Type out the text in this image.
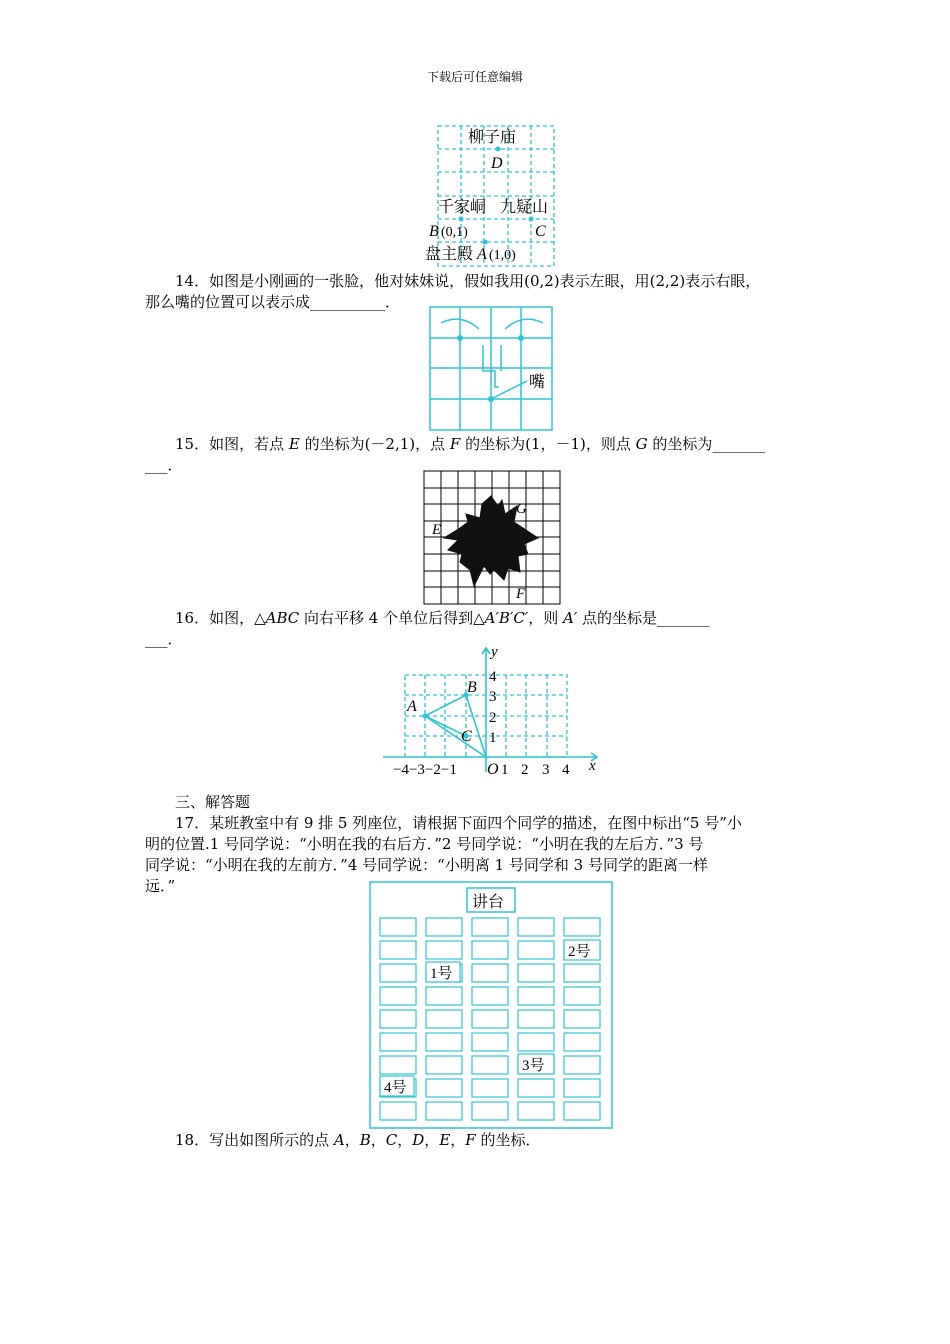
下载后可任意编辑
柳子庙
D
千家峒 九疑山
B (0,1)	C
盘主殿 A (1,0)
14．如图是小刚画的一张脸，他对妹妹说，假如我用(0,2)表示左眼，用(2,2)表示右眼，
那么嘴的位置可以表示成__________．
嘴
15．如图，若点 E 的坐标为(－2,1)，点 F 的坐标为(1，－1)，则点 G 的坐标为_______
___．
G
E
F
16．如图，△ABC 向右平移 4 个单位后得到△A′B′C′，则 A′ 点的坐标是_______
___．
y
x
4
3
2
1
−4−3−2−1 O 1 2 3 4
A
B
C
三、解答题
17．某班教室中有 9 排 5 列座位，请根据下面四个同学的描述，在图中标出“5 号”小
明的位置.1 号同学说：“小明在我的右后方．”2 号同学说：“小明在我的左后方．”3 号
同学说：“小明在我的左前方．”4 号同学说：“小明离 1 号同学和 3 号同学的距离一样
远．”
讲台
1号
2号
3号
4号
18．写出如图所示的点 A，B，C，D，E，F 的坐标．
